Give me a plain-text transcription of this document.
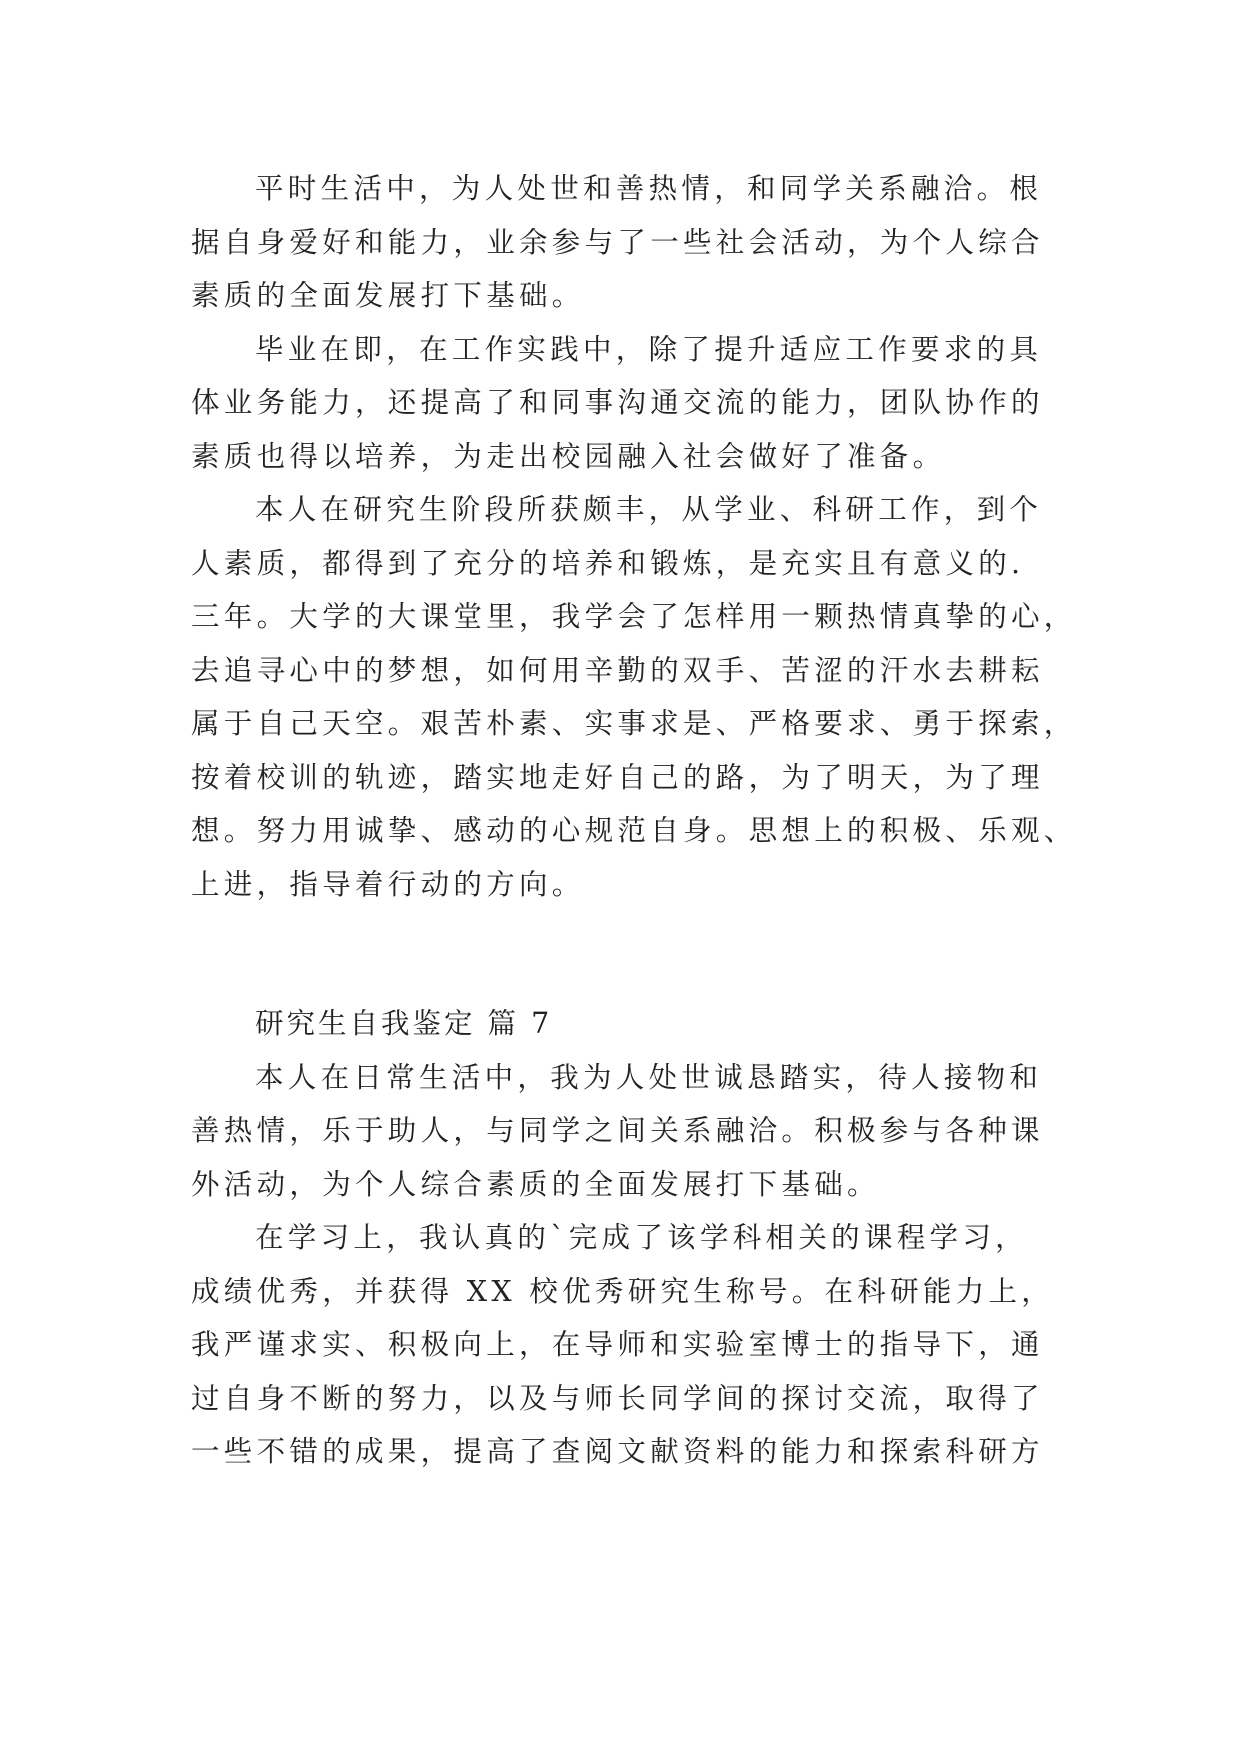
平时生活中，为人处世和善热情，和同学关系融洽。根
据自身爱好和能力，业余参与了一些社会活动，为个人综合
素质的全面发展打下基础。
毕业在即，在工作实践中，除了提升适应工作要求的具
体业务能力，还提高了和同事沟通交流的能力，团队协作的
素质也得以培养，为走出校园融入社会做好了准备。
本人在研究生阶段所获颇丰，从学业、科研工作，到个
人素质，都得到了充分的培养和锻炼，是充实且有意义的.
三年。大学的大课堂里，我学会了怎样用一颗热情真挚的心，
去追寻心中的梦想，如何用辛勤的双手、苦涩的汗水去耕耘
属于自己天空。艰苦朴素、实事求是、严格要求、勇于探索，
按着校训的轨迹，踏实地走好自己的路，为了明天，为了理
想。努力用诚挚、感动的心规范自身。思想上的积极、乐观、
上进，指导着行动的方向。
研究生自我鉴定 篇 7
本人在日常生活中，我为人处世诚恳踏实，待人接物和
善热情，乐于助人，与同学之间关系融洽。积极参与各种课
外活动，为个人综合素质的全面发展打下基础。
在学习上，我认真的`完成了该学科相关的课程学习，
成绩优秀，并获得 XX 校优秀研究生称号。在科研能力上，
我严谨求实、积极向上，在导师和实验室博士的指导下，通
过自身不断的努力，以及与师长同学间的探讨交流，取得了
一些不错的成果，提高了查阅文献资料的能力和探索科研方
